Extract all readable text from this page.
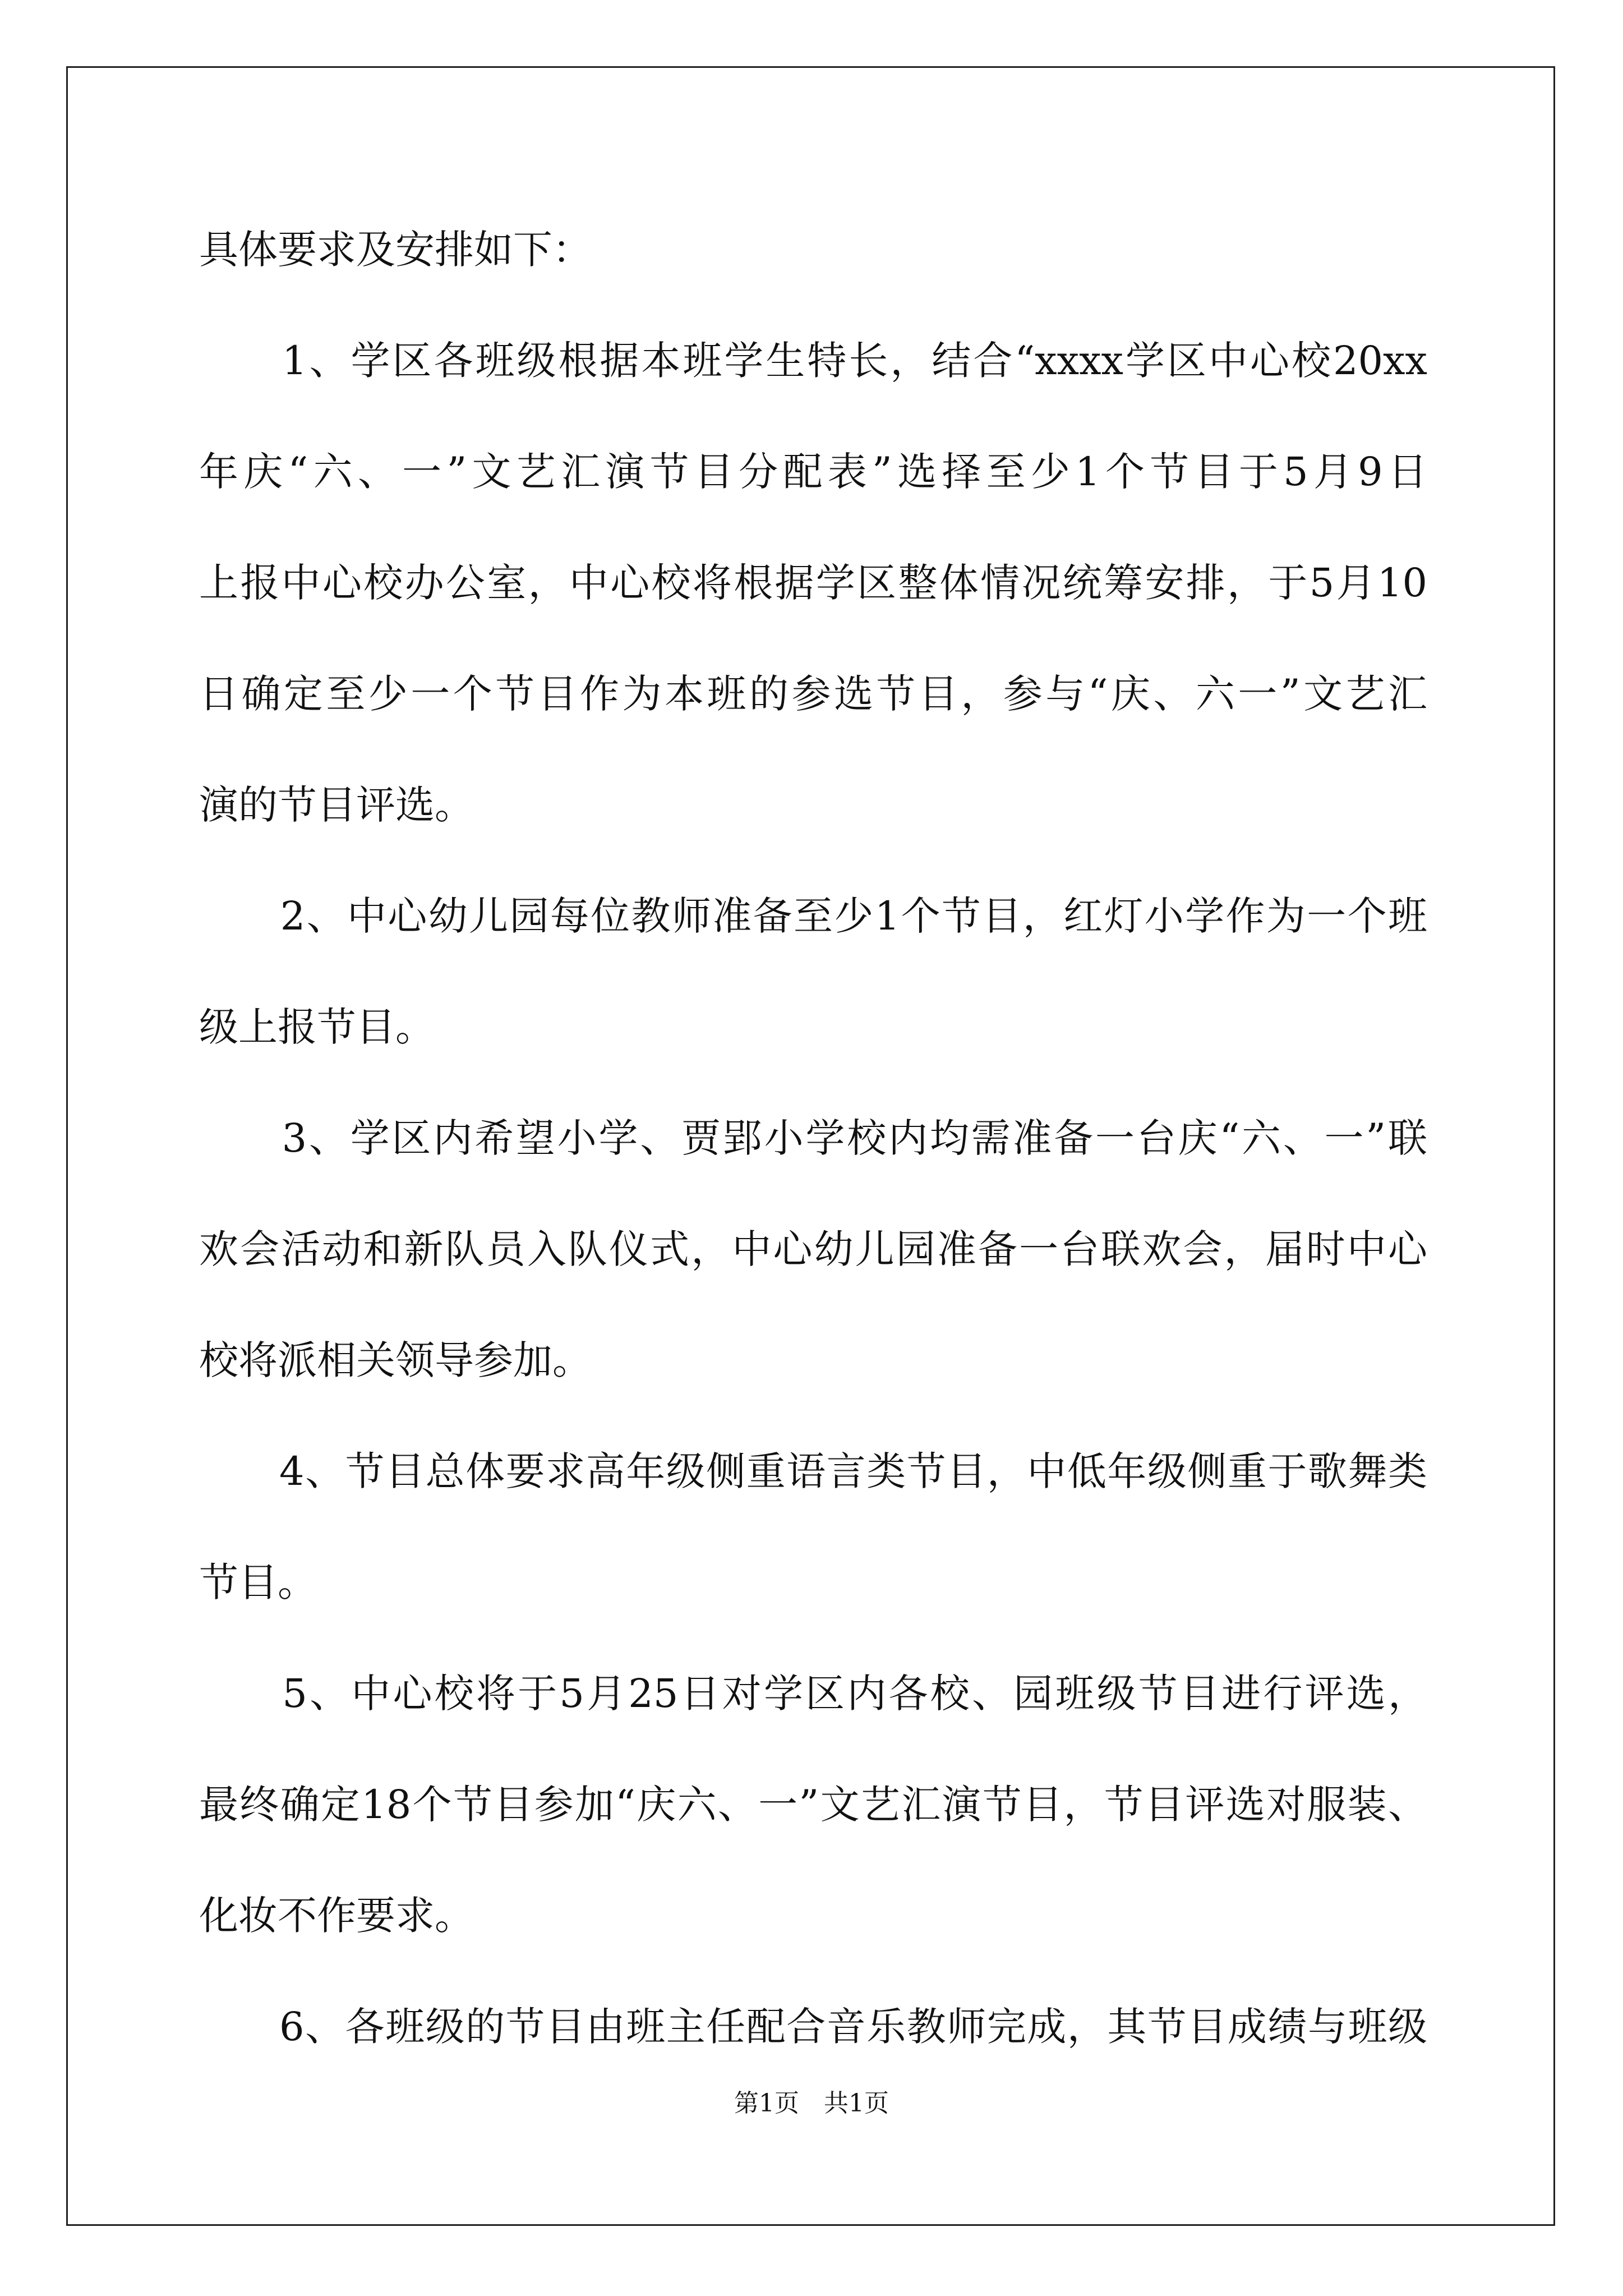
具体要求及安排如下：
　　1、学区各班级根据本班学生特长，结合“xxxx学区中心校20xx
年庆“六、一”文艺汇演节目分配表”选择至少1个节目于5月9日
上报中心校办公室，中心校将根据学区整体情况统筹安排，于5月10
日确定至少一个节目作为本班的参选节目，参与“庆、六一”文艺汇
演的节目评选。
　　2、中心幼儿园每位教师准备至少1个节目，红灯小学作为一个班
级上报节目。
　　3、学区内希望小学、贾郢小学校内均需准备一台庆“六、一”联
欢会活动和新队员入队仪式，中心幼儿园准备一台联欢会，届时中心
校将派相关领导参加。
　　4、节目总体要求高年级侧重语言类节目，中低年级侧重于歌舞类
节目。
　　5、中心校将于5月25日对学区内各校、园班级节目进行评选，
最终确定18个节目参加“庆六、一”文艺汇演节目，节目评选对服装、
化妆不作要求。
　　6、各班级的节目由班主任配合音乐教师完成，其节目成绩与班级
第1页　共1页
